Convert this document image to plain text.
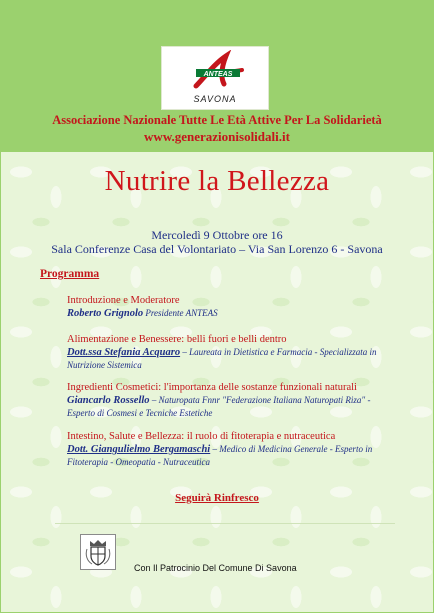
ANTEAS
SAVONA
Associazione Nazionale Tutte Le Età Attive Per La Solidarietà
www.generazionisolidali.it
Nutrire la Bellezza
Mercoledì 9 Ottobre ore 16
Sala Conferenze Casa del Volontariato – Via San Lorenzo 6 - Savona
Programma
Introduzione e Moderatore
Roberto Grignolo Presidente ANTEAS
Alimentazione e Benessere: belli fuori e belli dentro
Dott.ssa Stefania Acquaro – Laureata in Dietistica e Farmacia - Specializzata in
Nutrizione Sistemica
Ingredienti Cosmetici: l'importanza delle sostanze funzionali naturali
Giancarlo Rossello – Naturopata Fnnr "Federazione Italiana Naturopati Riza" -
Esperto di Cosmesi e Tecniche Estetiche
Intestino, Salute e Bellezza: il ruolo di fitoterapia e nutraceutica
Dott. Giangulielmo Bergamaschi – Medico di Medicina Generale - Esperto in
Fitoterapia - Omeopatia - Nutraceutica
Seguirà Rinfresco
Con Il Patrocinio Del Comune Di Savona
